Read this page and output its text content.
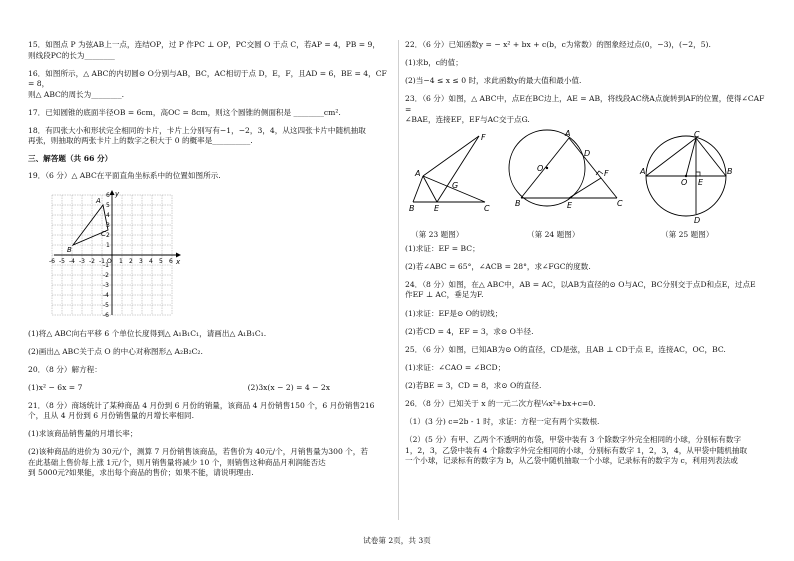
15．如图点 P 为弦AB上一点，连结OP，过 P 作PC ⊥ OP，PC交圆 O 于点 C，若AP = 4，PB = 9，
则线段PC的长为________

16．如图所示，△ ABC的内切圆⊙ O分别与AB，BC，AC相切于点 D，E，F，且AD = 6，BE = 4，CF = 8，
则△ ABC的周长为________.

17．已知圆锥的底面半径OB = 6cm，高OC = 8cm，则这个圆锥的侧面积是 ________cm².

18．有四张大小和形状完全相同的卡片，卡片上分别写有−1，−2，3，4，从这四张卡片中随机抽取
再张，则抽取的两张卡片上的数字之积大于 0 的概率是__________.

三、解答题（共 66 分）

19．（6 分）△ ABC在平面直角坐标系中的位置如图所示.

y
x
-6 -5 -4 -3 -2 -1 1 2 3 4 5 6
6
5
4
3
2
1
-1
-2
-3
-4
-5
-6
O
A
B
C

(1)将△ ABC向右平移 6 个单位长度得到△ A₁B₁C₁，请画出△ A₁B₁C₁.

(2)画出△ ABC关于点 O 的中心对称图形△ A₂B₂C₂.

20．（8 分）解方程：

(1)x² − 6x = 7	(2)3x(x − 2) = 4 − 2x

21．（8 分）商场统计了某种商品 4 月份到 6 月份的销量，该商品 4 月份销售150 个，6 月份销售216
个，且从 4 月份到 6 月份销售量的月增长率相同.

(1)求该商品销售量的月增长率；

(2)该种商品的进价为 30元/个，测算 7 月份销售该商品，若售价为 40元/个，月销售量为300 个，若
在此基础上售价每上涨 1元/个，则月销售量将减少 10 个，则销售这种商品月利润能否达
到 5000元?如果能，求出每个商品的售价；如果不能，请说明理由.

22．（6 分）已知函数y = − x² + bx + c(b，c为常数）的图象经过点(0，−3)，(−2，5).

(1)求b，c的值；

(2)当−4 ≤ x ≤ 0 时，求此函数y的最大值和最小值.

23．（6 分）如图，△ ABC中，点E在BC边上，AE = AB，将线段AC绕A点旋转到AF的位置，使得∠CAF =
∠BAE，连接EF，EF与AC交于点G.

B
A
E	C
F
G
A
B	C
D
E
F
O	A	B
C
D
E
O
（第 23 题图）	（第 24 题图）	（第 25 题图）

(1)求证：EF = BC；

(2)若∠ABC = 65°，∠ACB = 28°，求∠FGC的度数.

24．（8 分）如图，在△ ABC中，AB = AC，以AB为直径的⊙ O与AC，BC分别交于点D和点E，过点E
作EF ⊥ AC，垂足为F.

(1)求证：EF是⊙ O的切线；

(2)若CD = 4，EF = 3，求⊙ O半径.

25．（6 分）如图，已知AB为⊙ O的直径，CD是弦，且AB ⊥ CD于点 E，连接AC，OC，BC.

(1)求证：∠CAO = ∠BCD；

(2)若BE = 3，CD = 8，求⊙ O的直径.

26．（8 分）已知关于 x 的一元二次方程¼x²+bx+c=0.

（1）(3 分) c=2b - 1 时，求证：方程一定有两个实数根.

（2）(5 分）有甲、乙两个不透明的布袋，甲袋中装有 3 个除数字外完全相同的小球，分别标有数字
1，2，3，乙袋中装有 4 个除数字外完全相同的小球，分别标有数字 1，2，3，4，从甲袋中随机抽取
一个小球，记录标有的数字为 b，从乙袋中随机抽取一个小球，记录标有的数字为 c，利用列表法或

试卷第 2页，共 3页
